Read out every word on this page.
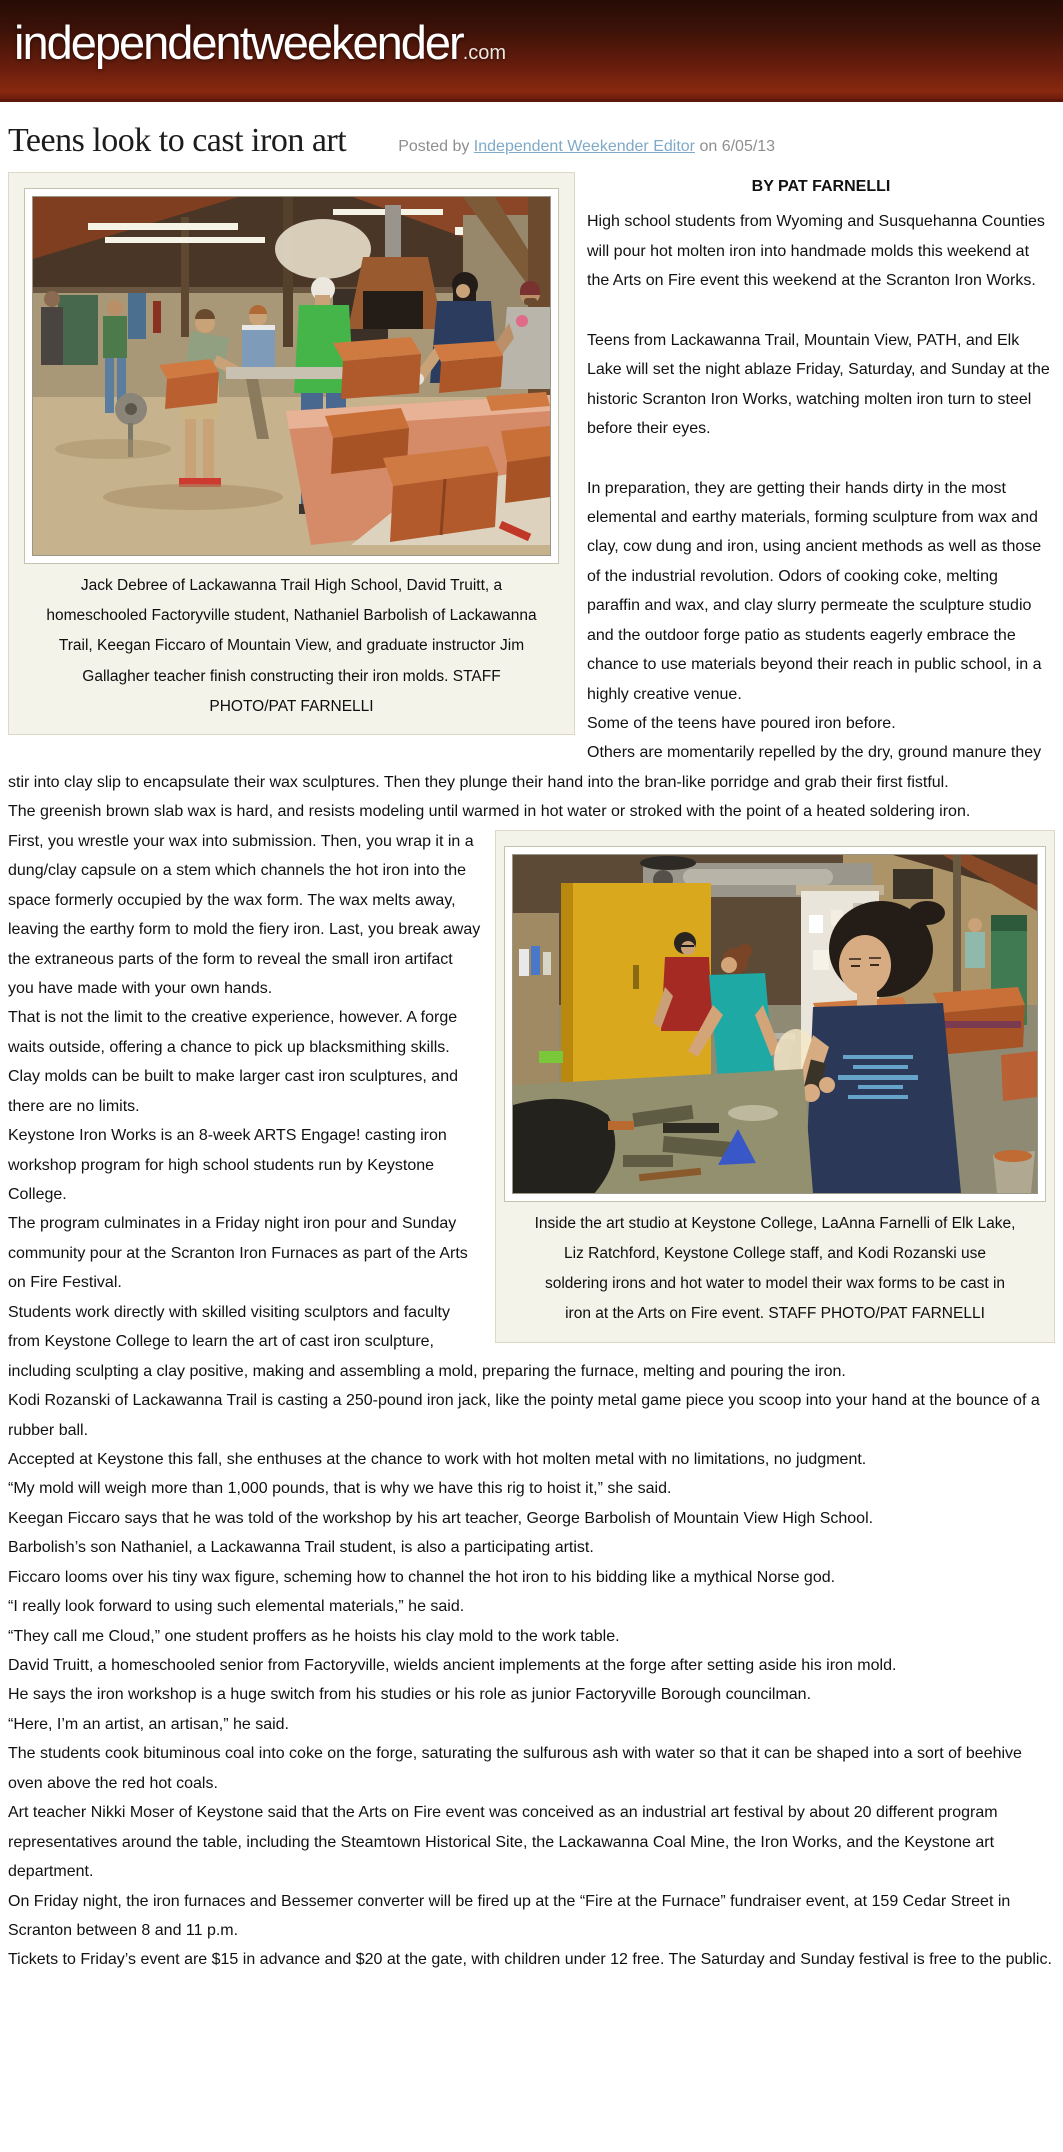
independentweekender.com
Teens look to cast iron art	Posted by Independent Weekender Editor on 6/05/13
Jack Debree of Lackawanna Trail High School, David Truitt, a homeschooled Factoryville student, Nathaniel Barbolish of Lackawanna Trail, Keegan Ficcaro of Mountain View, and graduate instructor Jim Gallagher teacher finish constructing their iron molds. STAFF PHOTO/PAT FARNELLI

BY PAT FARNELLI

High school students from Wyoming and Susquehanna Counties will pour hot molten iron into handmade molds this weekend at the Arts on Fire event this weekend at the Scranton Iron Works.

Teens from Lackawanna Trail, Mountain View, PATH, and Elk Lake will set the night ablaze Friday, Saturday, and Sunday at the historic Scranton Iron Works, watching molten iron turn to steel before their eyes.

In preparation, they are getting their hands dirty in the most elemental and earthy materials, forming sculpture from wax and clay, cow dung and iron, using ancient methods as well as those of the industrial revolution. Odors of cooking coke, melting paraffin and wax, and clay slurry permeate the sculpture studio and the outdoor forge patio as students eagerly embrace the chance to use materials beyond their reach in public school, in a highly creative venue.

Some of the teens have poured iron before.

Others are momentarily repelled by the dry, ground manure they stir into clay slip to encapsulate their wax sculptures. Then they plunge their hand into the bran-like porridge and grab their first fistful.

The greenish brown slab wax is hard, and resists modeling until warmed in hot water or stroked with the point of a heated soldering iron.
Inside the art studio at Keystone College, LaAnna Farnelli of Elk Lake, Liz Ratchford, Keystone College staff, and Kodi Rozanski use soldering irons and hot water to model their wax forms to be cast in iron at the Arts on Fire event. STAFF PHOTO/PAT FARNELLI

First, you wrestle your wax into submission. Then, you wrap it in a dung/clay capsule on a stem which channels the hot iron into the space formerly occupied by the wax form. The wax melts away, leaving the earthy form to mold the fiery iron. Last, you break away the extraneous parts of the form to reveal the small iron artifact you have made with your own hands.

That is not the limit to the creative experience, however. A forge waits outside, offering a chance to pick up blacksmithing skills. Clay molds can be built to make larger cast iron sculptures, and there are no limits.

Keystone Iron Works is an 8-week ARTS Engage! casting iron workshop program for high school students run by Keystone College.

The program culminates in a Friday night iron pour and Sunday community pour at the Scranton Iron Furnaces as part of the Arts on Fire Festival.

Students work directly with skilled visiting sculptors and faculty from Keystone College to learn the art of cast iron sculpture, including sculpting a clay positive, making and assembling a mold, preparing the furnace, melting and pouring the iron.

Kodi Rozanski of Lackawanna Trail is casting a 250-pound iron jack, like the pointy metal game piece you scoop into your hand at the bounce of a rubber ball.

Accepted at Keystone this fall, she enthuses at the chance to work with hot molten metal with no limitations, no judgment.

“My mold will weigh more than 1,000 pounds, that is why we have this rig to hoist it,” she said.

Keegan Ficcaro says that he was told of the workshop by his art teacher, George Barbolish of Mountain View High School.

Barbolish’s son Nathaniel, a Lackawanna Trail student, is also a participating artist.

Ficcaro looms over his tiny wax figure, scheming how to channel the hot iron to his bidding like a mythical Norse god.

“I really look forward to using such elemental materials,” he said.

“They call me Cloud,” one student proffers as he hoists his clay mold to the work table.

David Truitt, a homeschooled senior from Factoryville, wields ancient implements at the forge after setting aside his iron mold.

He says the iron workshop is a huge switch from his studies or his role as junior Factoryville Borough councilman.

“Here, I’m an artist, an artisan,” he said.

The students cook bituminous coal into coke on the forge, saturating the sulfurous ash with water so that it can be shaped into a sort of beehive oven above the red hot coals.

Art teacher Nikki Moser of Keystone said that the Arts on Fire event was conceived as an industrial art festival by about 20 different program representatives around the table, including the Steamtown Historical Site, the Lackawanna Coal Mine, the Iron Works, and the Keystone art department.

On Friday night, the iron furnaces and Bessemer converter will be fired up at the “Fire at the Furnace” fundraiser event, at 159 Cedar Street in Scranton between 8 and 11 p.m.

Tickets to Friday’s event are $15 in advance and $20 at the gate, with children under 12 free. The Saturday and Sunday festival is free to the public.
